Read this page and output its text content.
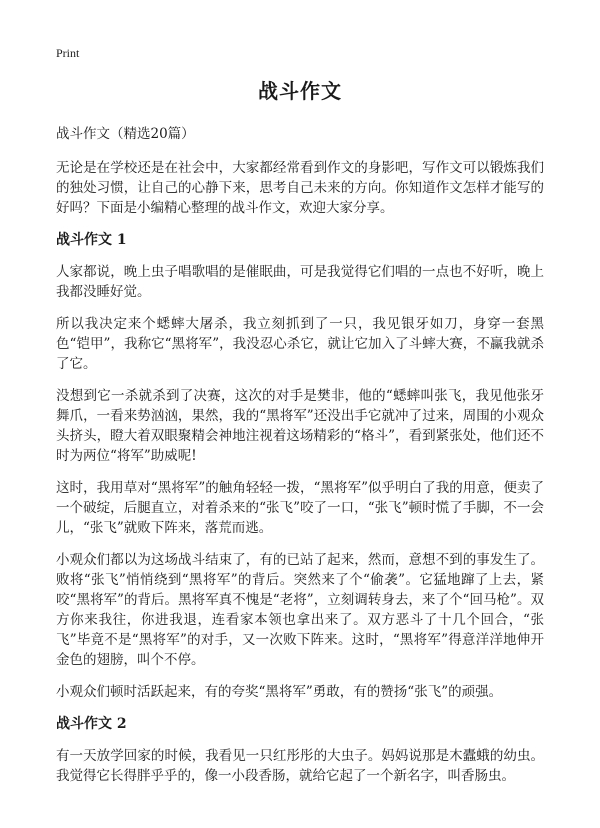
Print
战斗作文
战斗作文（精选20篇）
无论是在学校还是在社会中，大家都经常看到作文的身影吧，写作文可以锻炼我们的独处习惯，让自己的心静下来，思考自己未来的方向。你知道作文怎样才能写的好吗？下面是小编精心整理的战斗作文，欢迎大家分享。
战斗作文 1
人家都说，晚上虫子唱歌唱的是催眠曲，可是我觉得它们唱的一点也不好听，晚上我都没睡好觉。
所以我决定来个蟋蟀大屠杀，我立刻抓到了一只，我见银牙如刀，身穿一套黑色“铠甲”，我称它“黑将军”，我没忍心杀它，就让它加入了斗蟀大赛，不赢我就杀了它。
没想到它一杀就杀到了决赛，这次的对手是樊非，他的“蟋蟀叫张飞，我见他张牙舞爪，一看来势汹汹，果然，我的“黑将军”还没出手它就冲了过来，周围的小观众头挤头，瞪大着双眼聚精会神地注视着这场精彩的“格斗”，看到紧张处，他们还不时为两位“将军”助威呢!
这时，我用草对“黑将军”的触角轻轻一拨，“黑将军”似乎明白了我的用意，便卖了一个破绽，后腿直立，对着杀来的“张飞”咬了一口，“张飞”顿时慌了手脚，不一会儿，“张飞”就败下阵来，落荒而逃。
小观众们都以为这场战斗结束了，有的已站了起来，然而，意想不到的事发生了。败将“张飞”悄悄绕到“黑将军”的背后。突然来了个“偷袭”。它猛地蹿了上去，紧咬“黑将军”的背后。黑将军真不愧是“老将”，立刻调转身去，来了个“回马枪”。双方你来我往，你进我退，连看家本领也拿出来了。双方恶斗了十几个回合，“张飞”毕竟不是“黑将军”的对手，又一次败下阵来。这时，“黑将军”得意洋洋地伸开金色的翅膀，叫个不停。
小观众们顿时活跃起来，有的夸奖“黑将军”勇敢，有的赞扬“张飞”的顽强。
战斗作文 2
有一天放学回家的时候，我看见一只红彤彤的大虫子。妈妈说那是木蠹蛾的幼虫。我觉得它长得胖乎乎的，像一小段香肠，就给它起了一个新名字，叫香肠虫。
